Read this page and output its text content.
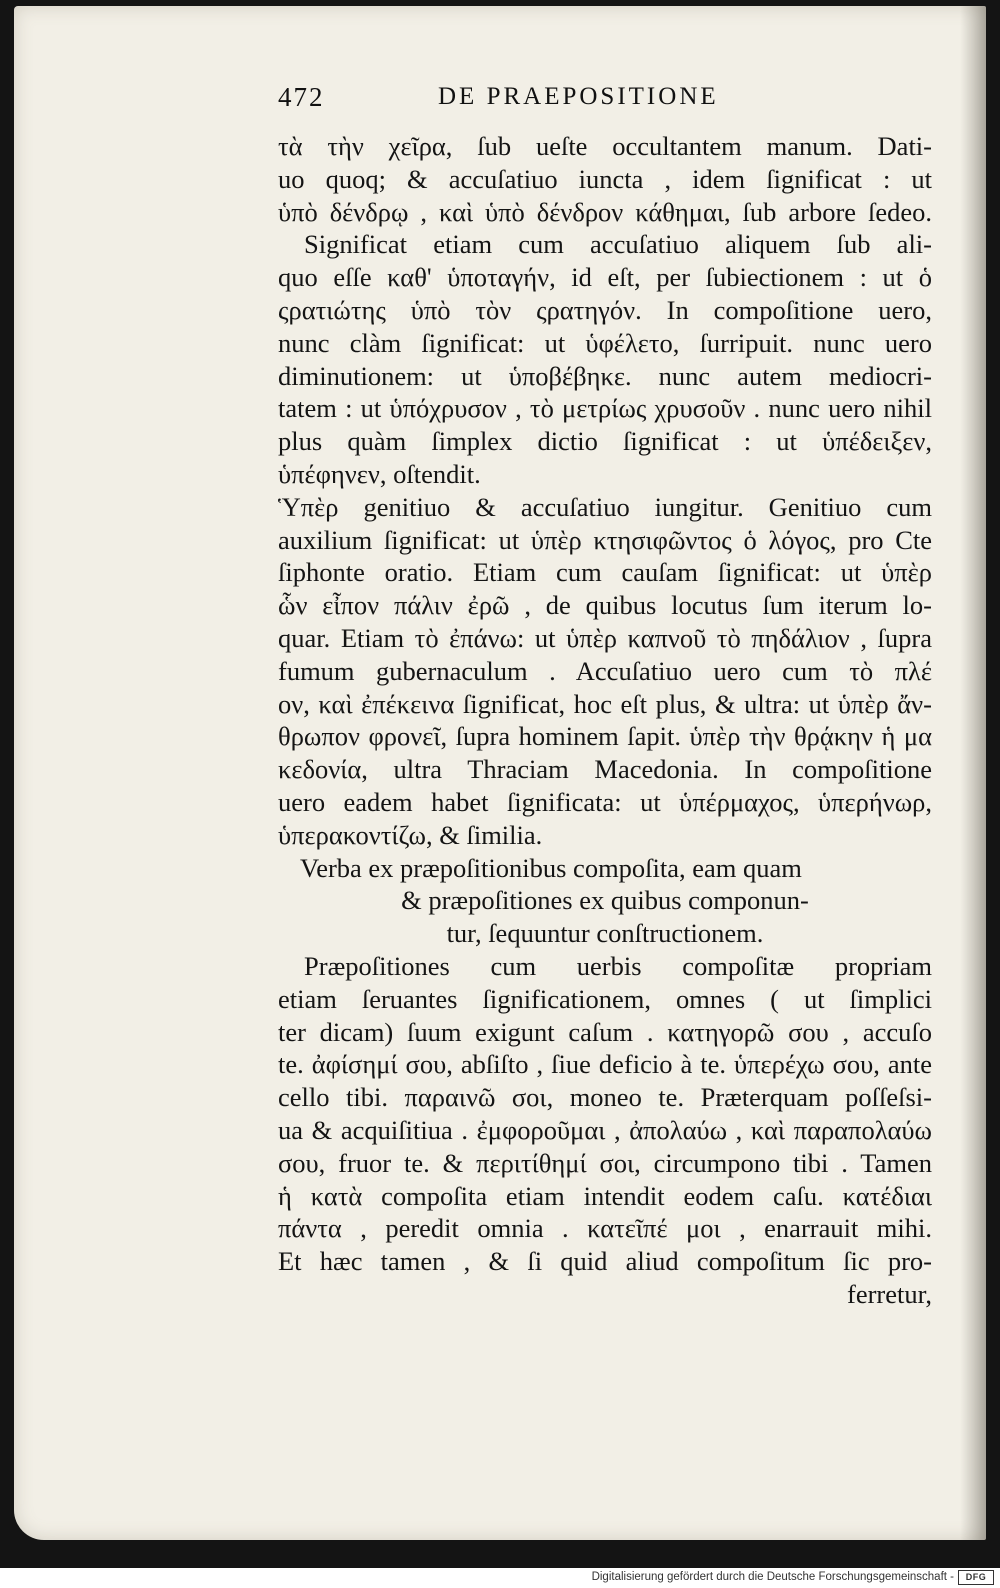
472	DE PRAEPOSITIONE
τὰ τὴν χεῖρα, ſub ueſte occultantem manum. Dati-
uo quoq; & accuſatiuo iuncta , idem ſignificat : ut
ὑπὸ δένδρῳ , καὶ ὑπὸ δένδρον κάθημαι, ſub arbore ſedeo.
Significat etiam cum accuſatiuo aliquem ſub ali-
quo eſſe καθ' ὑποταγήν, id eſt, per ſubiectionem : ut ὁ
ςρατιώτης ὑπὸ τὸν ςρατηγόν. In compoſitione uero,
nunc clàm ſignificat: ut ὑφέλετο, ſurripuit. nunc uero
diminutionem: ut ὑποβέβηκε. nunc autem mediocri-
tatem : ut ὑπόχρυσον , τὸ μετρίως χρυσοῦν . nunc uero nihil
plus quàm ſimplex dictio ſignificat : ut ὑπέδειξεν,
ὑπέφηνεν, oſtendit.
Ὑπὲρ genitiuo & accuſatiuo iungitur. Genitiuo cum
auxilium ſignificat: ut ὑπὲρ κτησιφῶντος ὁ λόγος, pro Cte
ſiphonte oratio. Etiam cum cauſam ſignificat: ut ὑπὲρ
ὧν εἶπον πάλιν ἐρῶ , de quibus locutus ſum iterum lo-
quar. Etiam τὸ ἐπάνω: ut ὑπὲρ καπνοῦ τὸ πηδάλιον , ſupra
fumum gubernaculum . Accuſatiuo uero cum τὸ πλέ
ον, καὶ ἐπέκεινα ſignificat, hoc eſt plus, & ultra: ut ὑπὲρ ἄν-
θρωπον φρονεῖ, ſupra hominem ſapit. ὑπὲρ τὴν θρᾴκην ἡ μα
κεδονία, ultra Thraciam Macedonia. In compoſitione
uero eadem habet ſignificata: ut ὑπέρμαχος, ὑπερήνωρ,
ὑπερακοντίζω, & ſimilia.
Verba ex præpoſitionibus compoſita, eam quam
& præpoſitiones ex quibus componun-
tur, ſequuntur conſtructionem.
Præpoſitiones cum uerbis compoſitæ propriam
etiam ſeruantes ſignificationem, omnes ( ut ſimplici
ter dicam) ſuum exigunt caſum . κατηγορῶ σου , accuſo
te. ἀφίσημί σου, abſiſto , ſiue deficio à te. ὑπερέχω σου, ante
cello tibi. παραινῶ σοι, moneo te. Præterquam poſſeſsi-
ua & acquiſitiua . ἐμφοροῦμαι , ἀπολαύω , καὶ παραπολαύω
σου, fruor te. & περιτίθημί σοι, circumpono tibi . Tamen
ἡ κατὰ compoſita etiam intendit eodem caſu. κατέδιαι
πάντα , peredit omnia . κατεῖπέ μοι , enarrauit mihi.
Et hæc tamen , & ſi quid aliud compoſitum ſic pro-
ferretur,
Digitalisierung gefördert durch die Deutsche Forschungsgemeinschaft -	DFG
